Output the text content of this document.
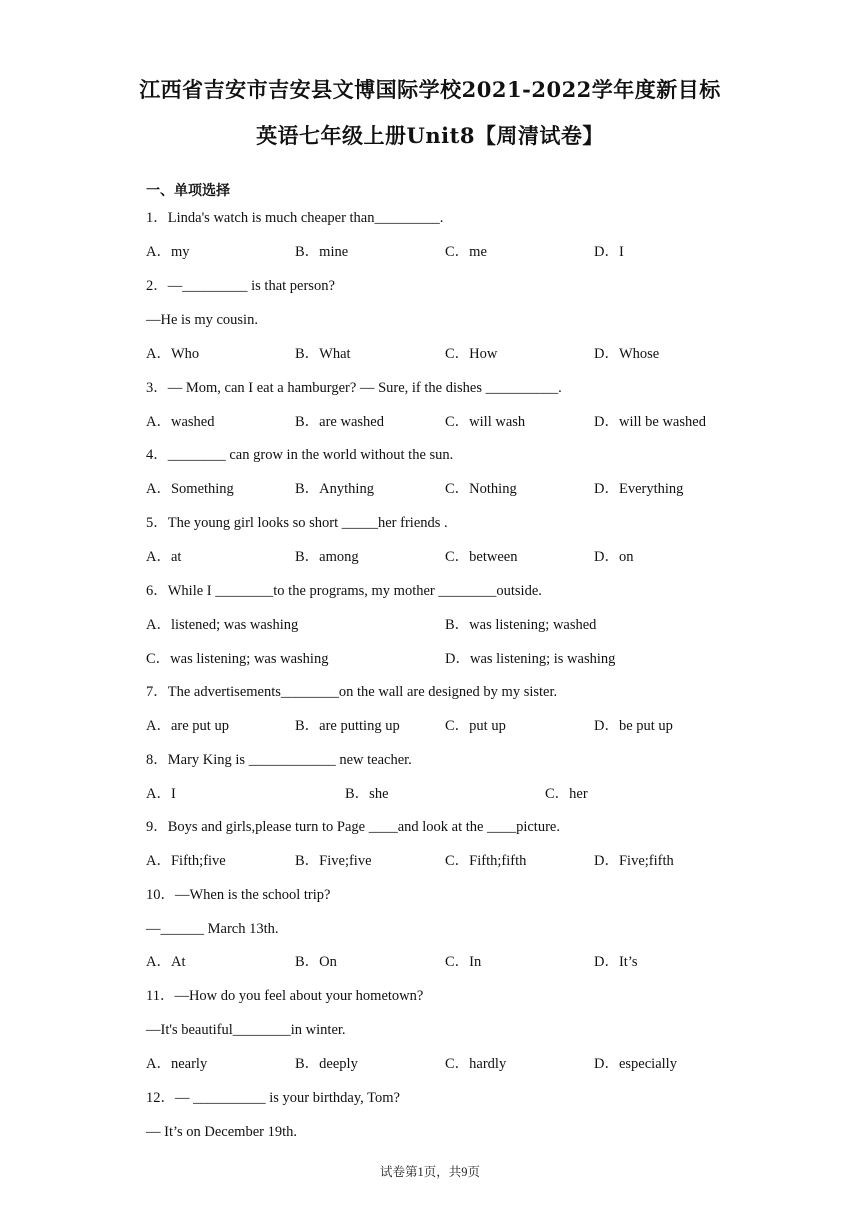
江西省吉安市吉安县文博国际学校2021-2022学年度新目标
英语七年级上册Unit8【周清试卷】
一、单项选择
1．Linda's watch is much cheaper than_________.
A．my	B．mine	C．me	D．I
2．—_________ is that person?
—He is my cousin.
A．Who	B．What	C．How	D．Whose
3．— Mom, can I eat a hamburger? — Sure, if the dishes __________.
A．washed	B．are washed	C．will wash	D．will be washed
4．________ can grow in the world without the sun.
A．Something	B．Anything	C．Nothing	D．Everything
5．The young girl looks so short _____her friends .
A．at	B．among	C．between	D．on
6．While I ________to the programs, my mother ________outside.
A．listened; was washing	B．was listening; washed
C．was listening; was washing	D．was listening; is washing
7．The advertisements________on the wall are designed by my sister.
A．are put up	B．are putting up	C．put up	D．be put up
8．Mary King is ____________ new teacher.
A．I	B．she	C．her
9．Boys and girls,please turn to Page ____and look at the ____picture.
A．Fifth;five	B．Five;five	C．Fifth;fifth	D．Five;fifth
10．—When is the school trip?
—______ March 13th.
A．At	B．On	C．In	D．It’s
11．—How do you feel about your hometown?
—It's beautiful________in winter.
A．nearly	B．deeply	C．hardly	D．especially
12．— __________ is your birthday, Tom?
— It’s on December 19th.
试卷第1页，共9页
